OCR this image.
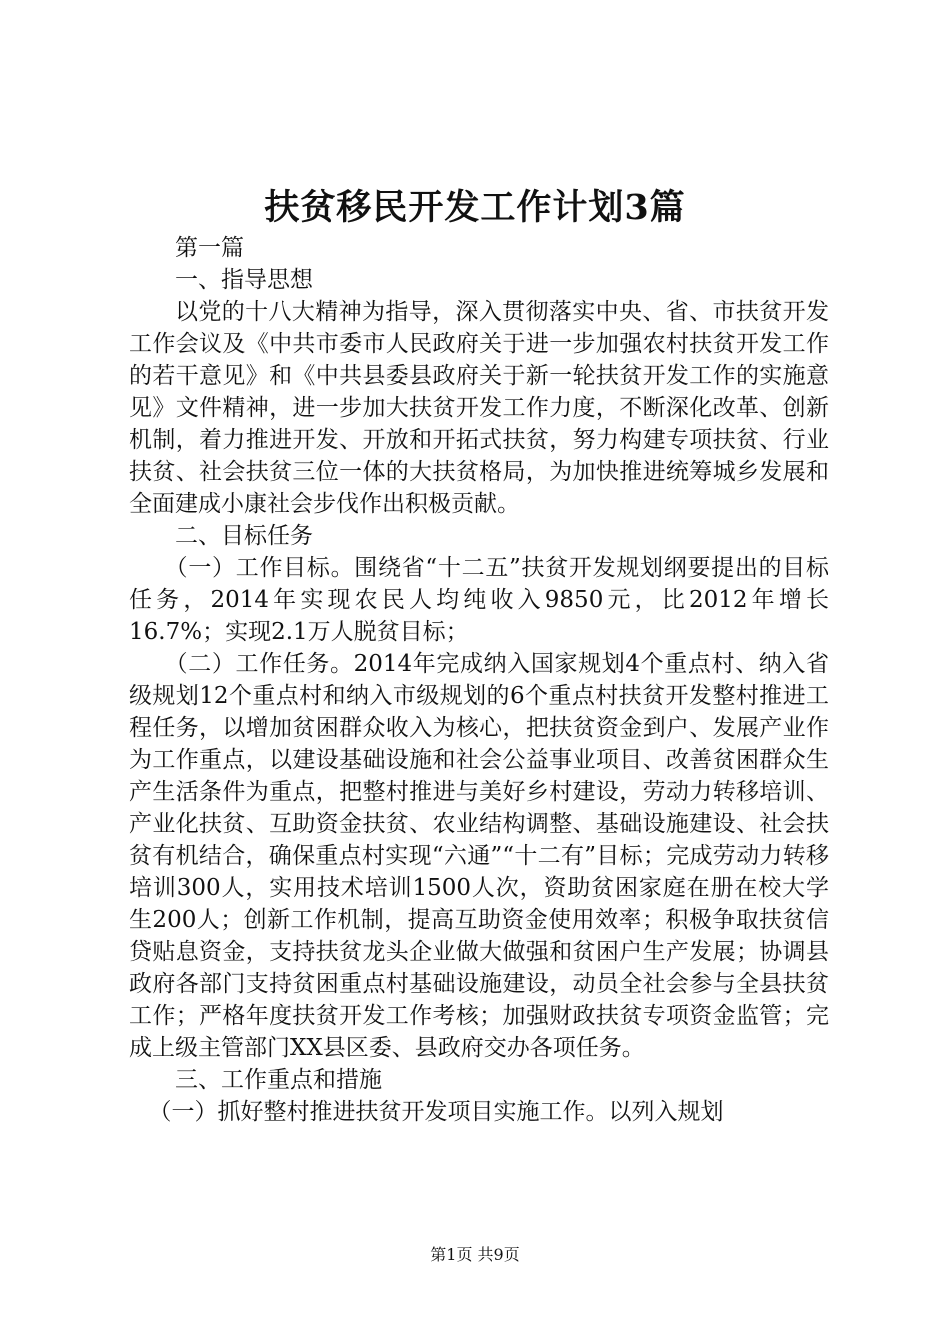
扶贫移民开发工作计划3篇

第一篇

一、指导思想

以党的十八大精神为指导，深入贯彻落实中央、省、市扶贫开发工作会议及《中共市委市人民政府关于进一步加强农村扶贫开发工作的若干意见》和《中共县委县政府关于新一轮扶贫开发工作的实施意见》文件精神，进一步加大扶贫开发工作力度，不断深化改革、创新机制，着力推进开发、开放和开拓式扶贫，努力构建专项扶贫、行业扶贫、社会扶贫三位一体的大扶贫格局，为加快推进统筹城乡发展和全面建成小康社会步伐作出积极贡献。

二、目标任务

（一）工作目标。围绕省“十二五”扶贫开发规划纲要提出的目标任务，2014年实现农民人均纯收入9850元，比2012年增长16.7%；实现2.1万人脱贫目标；

（二）工作任务。2014年完成纳入国家规划4个重点村、纳入省级规划12个重点村和纳入市级规划的6个重点村扶贫开发整村推进工程任务，以增加贫困群众收入为核心，把扶贫资金到户、发展产业作为工作重点，以建设基础设施和社会公益事业项目、改善贫困群众生产生活条件为重点，把整村推进与美好乡村建设，劳动力转移培训、产业化扶贫、互助资金扶贫、农业结构调整、基础设施建设、社会扶贫有机结合，确保重点村实现“六通”“十二有”目标；完成劳动力转移培训300人，实用技术培训1500人次，资助贫困家庭在册在校大学生200人；创新工作机制，提高互助资金使用效率；积极争取扶贫信贷贴息资金，支持扶贫龙头企业做大做强和贫困户生产发展；协调县政府各部门支持贫困重点村基础设施建设，动员全社会参与全县扶贫工作；严格年度扶贫开发工作考核；加强财政扶贫专项资金监管；完成上级主管部门XX县区委、县政府交办各项任务。

三、工作重点和措施

（一）抓好整村推进扶贫开发项目实施工作。以列入规划

第1页 共9页
